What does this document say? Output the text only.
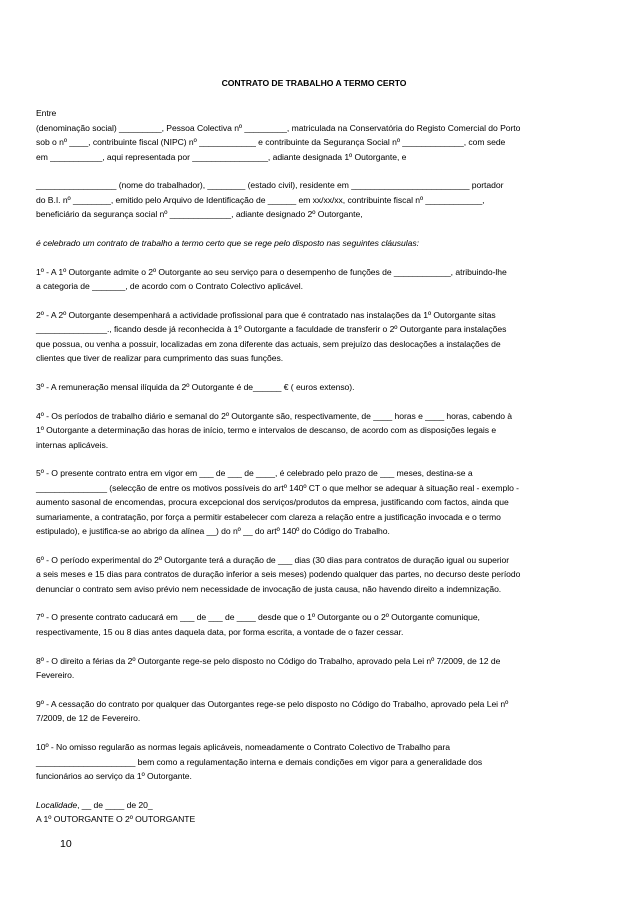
CONTRATO DE TRABALHO A TERMO CERTO
Entre
(denominação social) _________, Pessoa Colectiva nº _________, matriculada na Conservatória do Registo Comercial do Porto
sob o nº ____, contribuinte fiscal (NIPC) nº ____________ e contribuinte da Segurança Social nº _____________, com sede
em ___________, aqui representada por ________________, adiante designada 1º Outorgante, e
_________________ (nome do trabalhador), ________ (estado civil), residente em _________________________ portador
do B.I. nº ________, emitido pelo Arquivo de Identificação de ______ em xx/xx/xx, contribuinte fiscal nº ____________,
beneficiário da segurança social nº _____________, adiante designado 2º Outorgante,
é celebrado um contrato de trabalho a termo certo que se rege pelo disposto nas seguintes cláusulas:
1º - A 1º Outorgante admite o 2º Outorgante ao seu serviço para o desempenho de funções de ____________, atribuindo-lhe
a categoria de _______, de acordo com o Contrato Colectivo aplicável.
2º - A 2º Outorgante desempenhará a actividade profissional para que é contratado nas instalações da 1º Outorgante sitas
_______________., ficando desde já reconhecida à 1º Outorgante a faculdade de transferir o 2º Outorgante para instalações
que possua, ou venha a possuir, localizadas em zona diferente das actuais, sem prejuízo das deslocações a instalações de
clientes que tiver de realizar para cumprimento das suas funções.
3º - A remuneração mensal ilíquida da 2º Outorgante é de______ € ( euros extenso).
4º - Os períodos de trabalho diário e semanal do 2º Outorgante são, respectivamente, de ____ horas e ____ horas, cabendo à
1º Outorgante a determinação das horas de início, termo e intervalos de descanso, de acordo com as disposições legais e
internas aplicáveis.
5º - O presente contrato entra em vigor em ___ de ___ de ____, é celebrado pelo prazo de ___ meses, destina-se a
_______________ (selecção de entre os motivos possíveis do artº 140º CT o que melhor se adequar à situação real - exemplo -
aumento sasonal de encomendas, procura excepcional dos serviços/produtos da empresa, justificando com factos, ainda que
sumariamente, a contratação, por força a permitir estabelecer com clareza a relação entre a justificação invocada e o termo
estipulado), e justifica-se ao abrigo da alínea __) do nº __ do artº 140º do Código do Trabalho.
6º - O período experimental do 2º Outorgante terá a duração de ___ dias (30 dias para contratos de duração igual ou superior
a seis meses e 15 dias para contratos de duração inferior a seis meses) podendo qualquer das partes, no decurso deste período
denunciar o contrato sem aviso prévio nem necessidade de invocação de justa causa, não havendo direito a indemnização.
7º - O presente contrato caducará em ___ de ___ de ____ desde que o 1º Outorgante ou o 2º Outorgante comunique,
respectivamente, 15 ou 8 dias antes daquela data, por forma escrita, a vontade de o fazer cessar.
8º - O direito a férias da 2º Outorgante rege-se pelo disposto no Código do Trabalho, aprovado pela Lei nº 7/2009, de 12 de
Fevereiro.
9º - A cessação do contrato por qualquer das Outorgantes rege-se pelo disposto no Código do Trabalho, aprovado pela Lei nº
7/2009, de 12 de Fevereiro.
10º - No omisso regularão as normas legais aplicáveis, nomeadamente o Contrato Colectivo de Trabalho para
_____________________ bem como a regulamentação interna e demais condições em vigor para a generalidade dos
funcionários ao serviço da 1º Outorgante.
Localidade, __ de ____ de 20_
A 1º OUTORGANTE O 2º OUTORGANTE
10
